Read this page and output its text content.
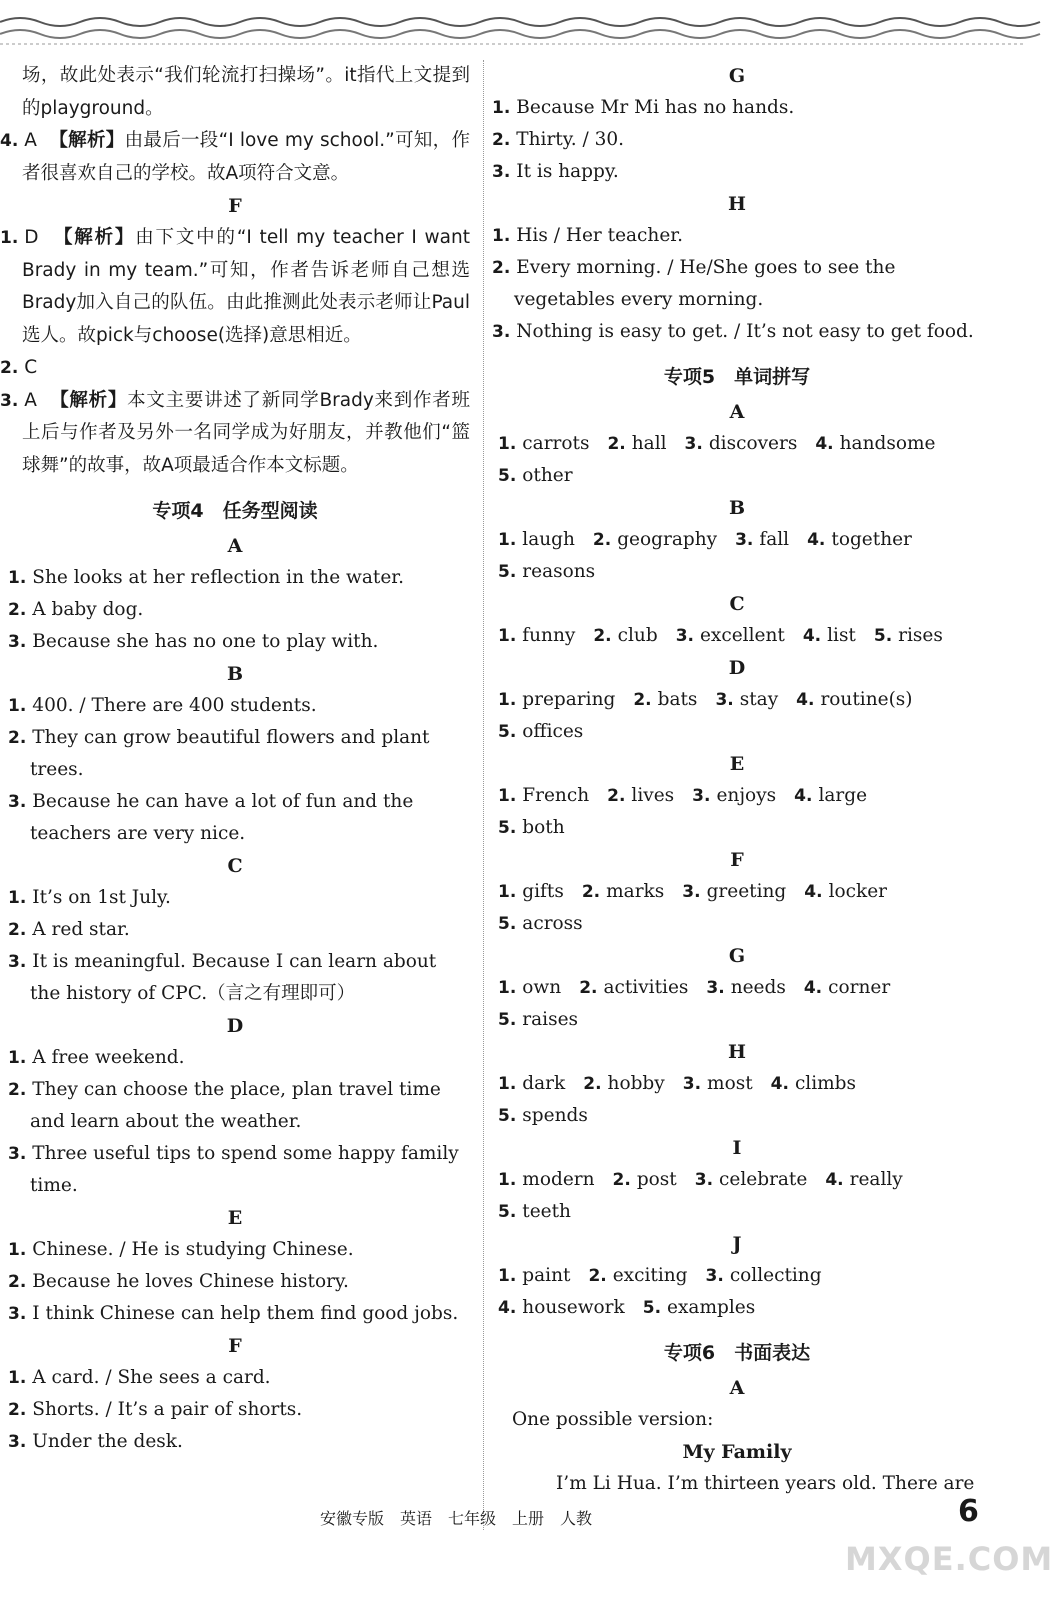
场，故此处表示“我们轮流打扫操场”。it指代上文提到的playground。

4. A 【解析】由最后一段“I love my school.”可知，作者很喜欢自己的学校。故A项符合文意。

F

1. D 【解析】由下文中的“I tell my teacher I want Brady in my team.”可知，作者告诉老师自己想选Brady加入自己的队伍。由此推测此处表示老师让Paul选人。故pick与choose(选择)意思相近。

2. C

3. A 【解析】本文主要讲述了新同学Brady来到作者班上后与作者及另外一名同学成为好朋友，并教他们“篮球舞”的故事，故A项最适合作本文标题。

专项4　任务型阅读

A

1. She looks at her reflection in the water.

2. A baby dog.

3. Because she has no one to play with.

B

1. 400. / There are 400 students.

2. They can grow beautiful flowers and plant trees.

3. Because he can have a lot of fun and the teachers are very nice.

C

1. It’s on 1st July.

2. A red star.

3. It is meaningful. Because I can learn about the history of CPC.（言之有理即可）

D

1. A free weekend.

2. They can choose the place, plan travel time and learn about the weather.

3. Three useful tips to spend some happy family time.

E

1. Chinese. / He is studying Chinese.

2. Because he loves Chinese history.

3. I think Chinese can help them find good jobs.

F

1. A card. / She sees a card.

2. Shorts. / It’s a pair of shorts.

3. Under the desk.

G

1. Because Mr Mi has no hands.

2. Thirty. / 30.

3. It is happy.

H

1. His / Her teacher.

2. Every morning. / He/She goes to see the vegetables every morning.

3. Nothing is easy to get. / It’s not easy to get food.

专项5　单词拼写

A

1. carrots 2. hall 3. discovers 4. handsome

5. other

B

1. laugh 2. geography 3. fall 4. together

5. reasons

C

1. funny 2. club 3. excellent 4. list 5. rises

D

1. preparing 2. bats 3. stay 4. routine(s)

5. offices

E

1. French 2. lives 3. enjoys 4. large

5. both

F

1. gifts 2. marks 3. greeting 4. locker

5. across

G

1. own 2. activities 3. needs 4. corner

5. raises

H

1. dark 2. hobby 3. most 4. climbs

5. spends

I

1. modern 2. post 3. celebrate 4. really

5. teeth

J

1. paint 2. exciting 3. collecting

4. housework 5. examples

专项6　书面表达

A

One possible version:

My Family

I’m Li Hua. I’m thirteen years old. There are

安徽专版　英语　七年级　上册　人教	6
MXQE.COM
